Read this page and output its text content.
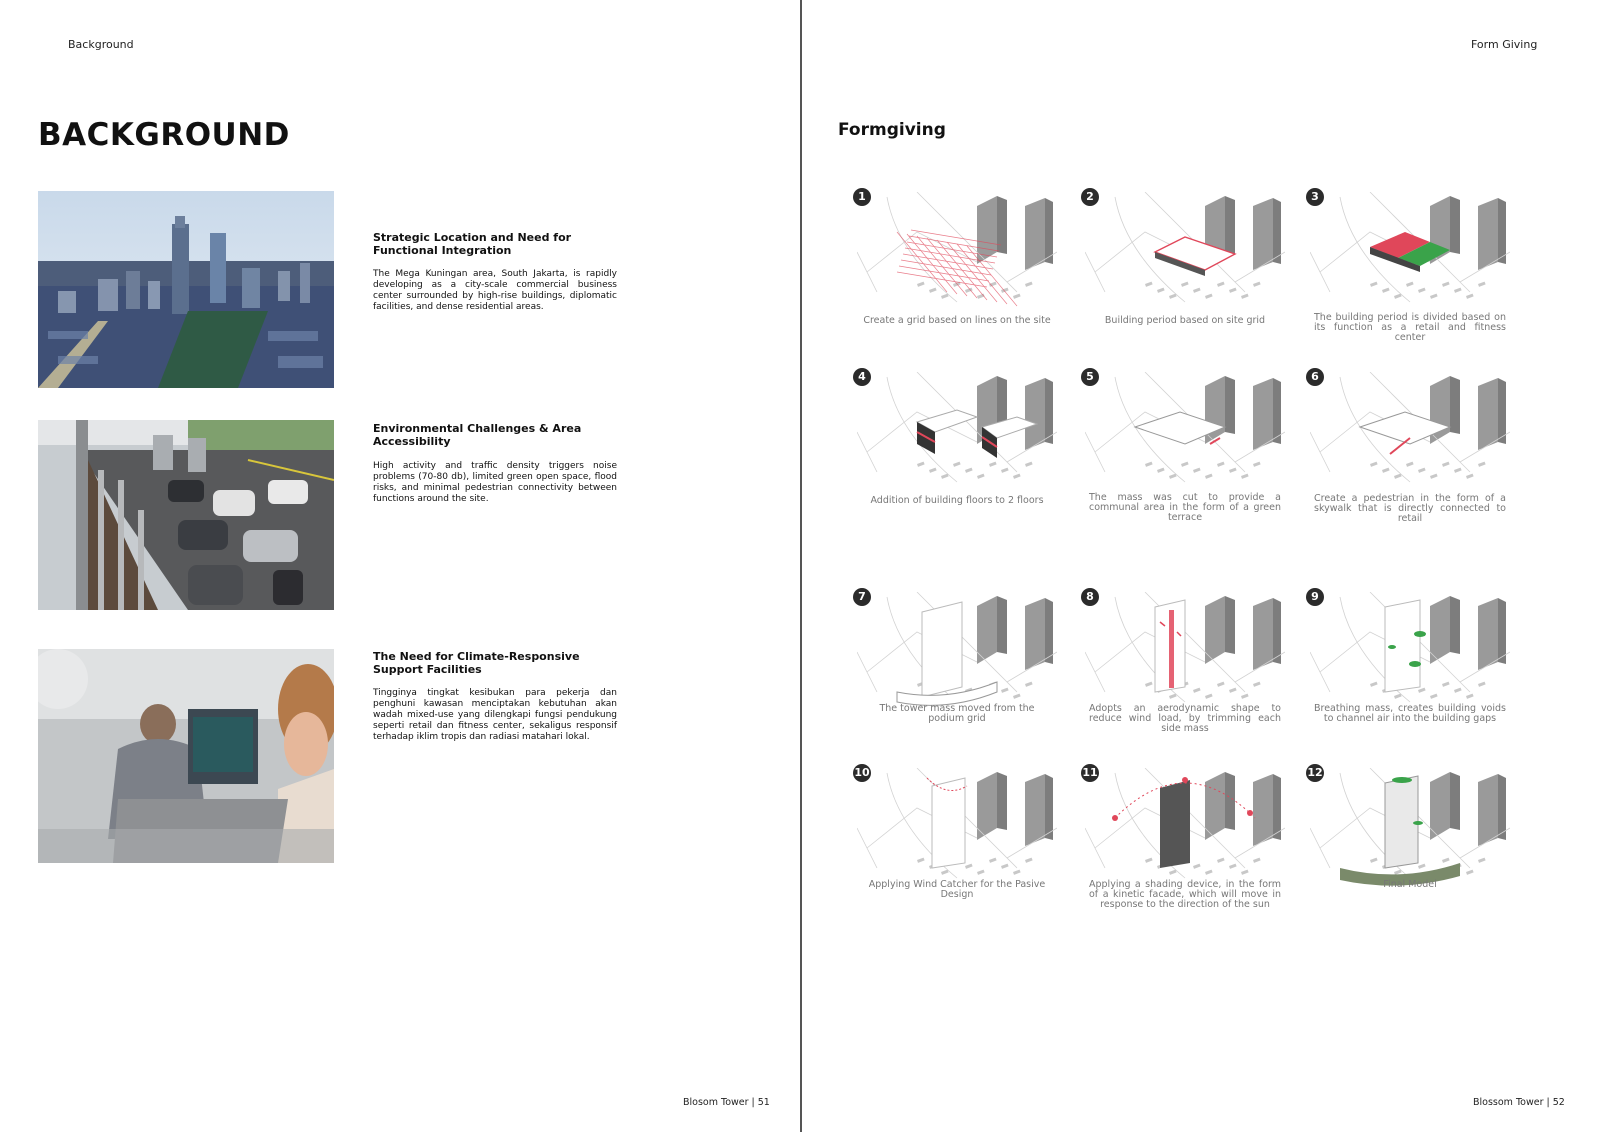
Background
BACKGROUND
Strategic Location and Need for Functional Integration

The Mega Kuningan area, South Jakarta, is rapidly developing as a city-scale commercial business center surrounded by high-rise buildings, diplomatic facilities, and dense residential areas.

Environmental Challenges & Area Accessibility

High activity and traffic density triggers noise problems (70-80 db), limited green open space, flood risks, and minimal pedestrian connectivity between functions around the site.

The Need for Climate-Responsive Support Facilities

Tingginya tingkat kesibukan para pekerja dan penghuni kawasan menciptakan kebutuhan akan wadah mixed-use yang dilengkapi fungsi pendukung seperti retail dan fitness center, sekaligus responsif terhadap iklim tropis dan radiasi matahari lokal.

Blosom Tower | 51
Form Giving
Formgiving
1
Create a grid based on lines on the site
2
Building period based on site grid
3
The building period is divided based on its function as a retail and fitness center
4
Addition of building floors to 2 floors
5
The mass was cut to provide a communal area in the form of a green terrace
6
Create a pedestrian in the form of a skywalk that is directly connected to retail
7
The tower mass moved from the podium grid
8
Adopts an aerodynamic shape to reduce wind load, by trimming each side mass
9
Breathing mass, creates building voids to channel air into the building gaps
10
Applying Wind Catcher for the Pasive Design
11
Applying a shading device, in the form of a kinetic facade, which will move in response to the direction of the sun
12
Final Model
Blossom Tower | 52
